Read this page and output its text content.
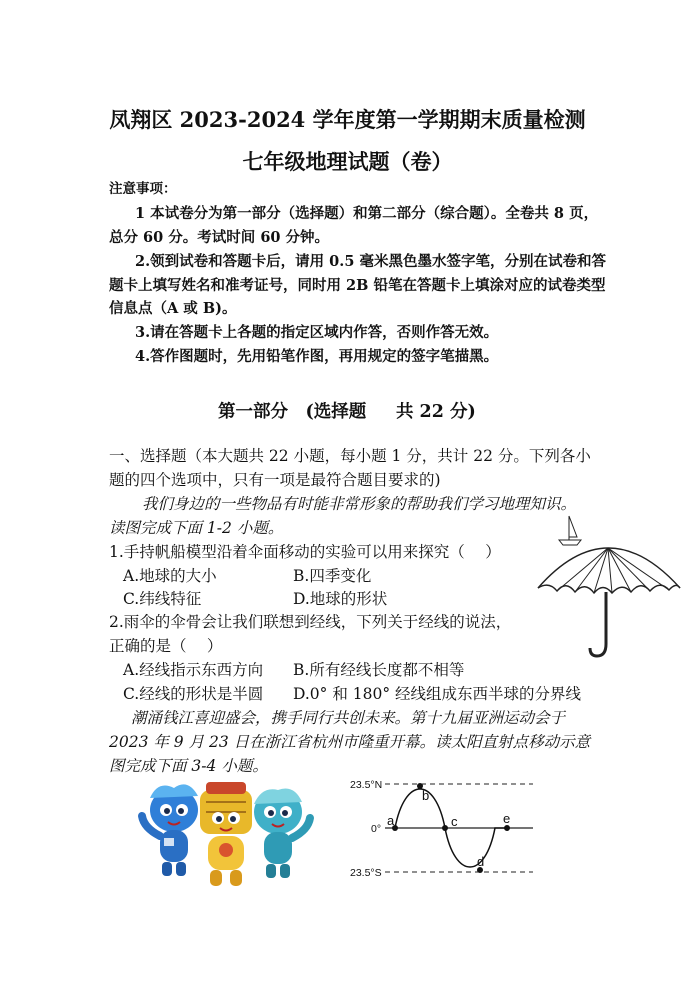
凤翔区 2023-2024 学年度第一学期期末质量检测
七年级地理试题（卷）
注意事项：
1 本试卷分为第一部分（选择题）和第二部分（综合题）。全卷共 8 页，
总分 60 分。考试时间 60 分钟。
2.领到试卷和答题卡后，请用 0.5 毫米黑色墨水签字笔，分别在试卷和答
题卡上填写姓名和准考证号，同时用 2B 铅笔在答题卡上填涂对应的试卷类型
信息点（A 或 B)。
3.请在答题卡上各题的指定区域内作答，否则作答无效。
4.答作图题时，先用铅笔作图，再用规定的签字笔描黑。
第一部分　(选择题　  共 22 分)
一、选择题（本大题共 22 小题，每小题 1 分，共计 22 分。下列各小
题的四个选项中，只有一项是最符合题目要求的)
我们身边的一些物品有时能非常形象的帮助我们学习地理知识。
读图完成下面 1-2 小题。
1.手持帆船模型沿着伞面移动的实验可以用来探究（　 ）
A.地球的大小	B.四季变化
C.纬线特征	D.地球的形状
2.雨伞的伞骨会让我们联想到经线，下列关于经线的说法，
正确的是（　 ）
A.经线指示东西方向 B.所有经线长度都不相等
C.经线的形状是半圆 D.0° 和 180° 经线组成东西半球的分界线
潮涌钱江喜迎盛会，携手同行共创未来。第十九届亚洲运动会于
2023 年 9 月 23 日在浙江省杭州市隆重开幕。读太阳直射点移动示意
图完成下面 3-4 小题。
23.5°N
0°
23.5°S
a
b
c
d
e
